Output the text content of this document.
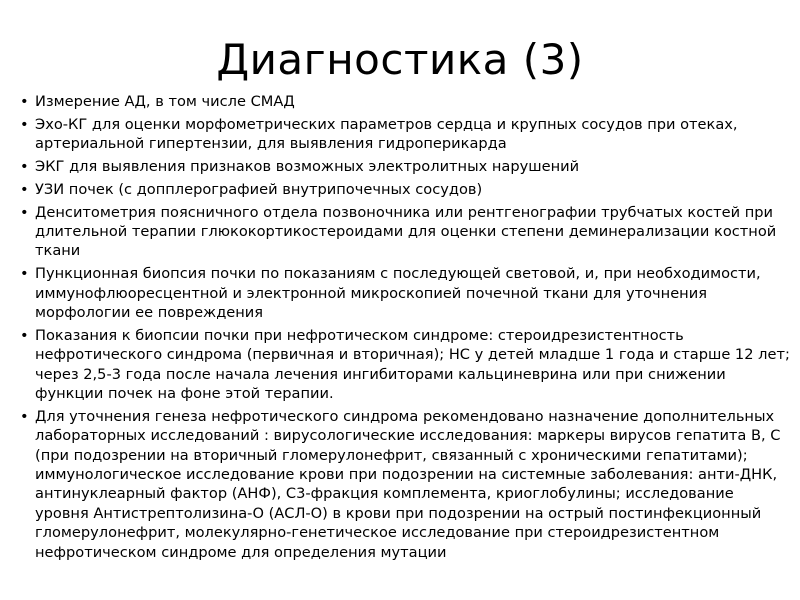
Диагностика (3)
• Измерение АД, в том числе СМАД
• Эхо-КГ для оценки морфометрических параметров сердца и крупных сосудов при отеках, артериальной гипертензии, для выявления гидроперикарда
• ЭКГ для выявления признаков возможных электролитных нарушений
• УЗИ почек (с допплерографией внутрипочечных сосудов)
• Денситометрия поясничного отдела позвоночника или рентгенографии трубчатых костей при длительной терапии глюкокортикостероидами для оценки степени деминерализации костной ткани
• Пункционная биопсия почки по показаниям с последующей световой, и, при необходимости, иммунофлюоресцентной и электронной микроскопией почечной ткани для уточнения морфологии ее повреждения
• Показания к биопсии почки при нефротическом синдроме: стероидрезистентность нефротического синдрома (первичная и вторичная); НС у детей младше 1 года и старше 12 лет; через 2,5-3 года после начала лечения ингибиторами кальциневрина или при снижении функции почек на фоне этой терапии.
• Для уточнения генеза нефротического синдрома рекомендовано назначение дополнительных лабораторных исследований : вирусологические исследования: маркеры вирусов гепатита В, С (при подозрении на вторичный гломерулонефрит, связанный с хроническими гепатитами); иммунологическое исследование крови при подозрении на системные заболевания: анти-ДНК, антинуклеарный фактор (АНФ), С3-фракция комплемента, криоглобулины; исследование уровня Антистрептолизина-О (АСЛ-О) в крови при подозрении на острый постинфекционный гломерулонефрит, молекулярно-генетическое исследование при стероидрезистентном нефротическом синдроме для определения мутации
